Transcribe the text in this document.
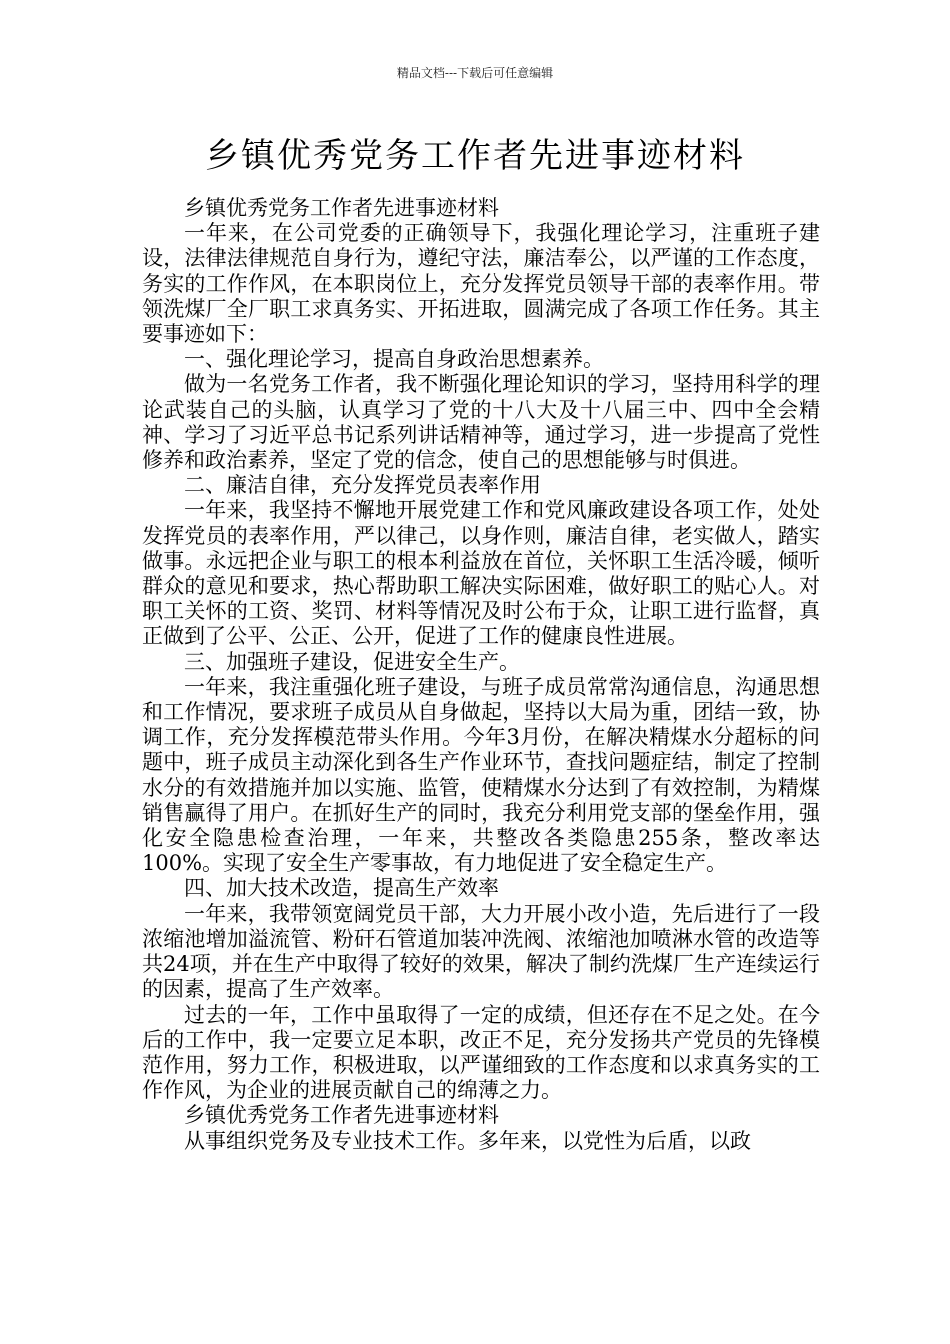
精品文档---下载后可任意编辑
乡镇优秀党务工作者先进事迹材料

乡镇优秀党务工作者先进事迹材料

一年来，在公司党委的正确领导下，我强化理论学习，注重班子建设，法律法律规范自身行为，遵纪守法，廉洁奉公，以严谨的工作态度，务实的工作作风，在本职岗位上，充分发挥党员领导干部的表率作用。带领洗煤厂全厂职工求真务实、开拓进取，圆满完成了各项工作任务。其主要事迹如下：

一、强化理论学习，提高自身政治思想素养。

做为一名党务工作者，我不断强化理论知识的学习，坚持用科学的理论武装自己的头脑，认真学习了党的十八大及十八届三中、四中全会精神、学习了习近平总书记系列讲话精神等，通过学习，进一步提高了党性修养和政治素养，坚定了党的信念，使自己的思想能够与时俱进。

二、廉洁自律，充分发挥党员表率作用

一年来，我坚持不懈地开展党建工作和党风廉政建设各项工作，处处发挥党员的表率作用，严以律己，以身作则，廉洁自律，老实做人，踏实做事。永远把企业与职工的根本利益放在首位，关怀职工生活冷暖，倾听群众的意见和要求，热心帮助职工解决实际困难，做好职工的贴心人。对职工关怀的工资、奖罚、材料等情况及时公布于众，让职工进行监督，真正做到了公平、公正、公开，促进了工作的健康良性进展。

三、加强班子建设，促进安全生产。

一年来，我注重强化班子建设，与班子成员常常沟通信息，沟通思想和工作情况，要求班子成员从自身做起，坚持以大局为重，团结一致，协调工作，充分发挥模范带头作用。今年3月份，在解决精煤水分超标的问题中，班子成员主动深化到各生产作业环节，查找问题症结，制定了控制水分的有效措施并加以实施、监管，使精煤水分达到了有效控制，为精煤销售赢得了用户。在抓好生产的同时，我充分利用党支部的堡垒作用，强化安全隐患检查治理，一年来，共整改各类隐患255条，整改率达100%。实现了安全生产零事故，有力地促进了安全稳定生产。

四、加大技术改造，提高生产效率

一年来，我带领宽阔党员干部，大力开展小改小造，先后进行了一段浓缩池增加溢流管、粉矸石管道加装冲洗阀、浓缩池加喷淋水管的改造等共24项，并在生产中取得了较好的效果，解决了制约洗煤厂生产连续运行的因素，提高了生产效率。

过去的一年，工作中虽取得了一定的成绩，但还存在不足之处。在今后的工作中，我一定要立足本职，改正不足，充分发扬共产党员的先锋模范作用，努力工作，积极进取，以严谨细致的工作态度和以求真务实的工作作风，为企业的进展贡献自己的绵薄之力。

乡镇优秀党务工作者先进事迹材料

从事组织党务及专业技术工作。多年来，以党性为后盾，以政
